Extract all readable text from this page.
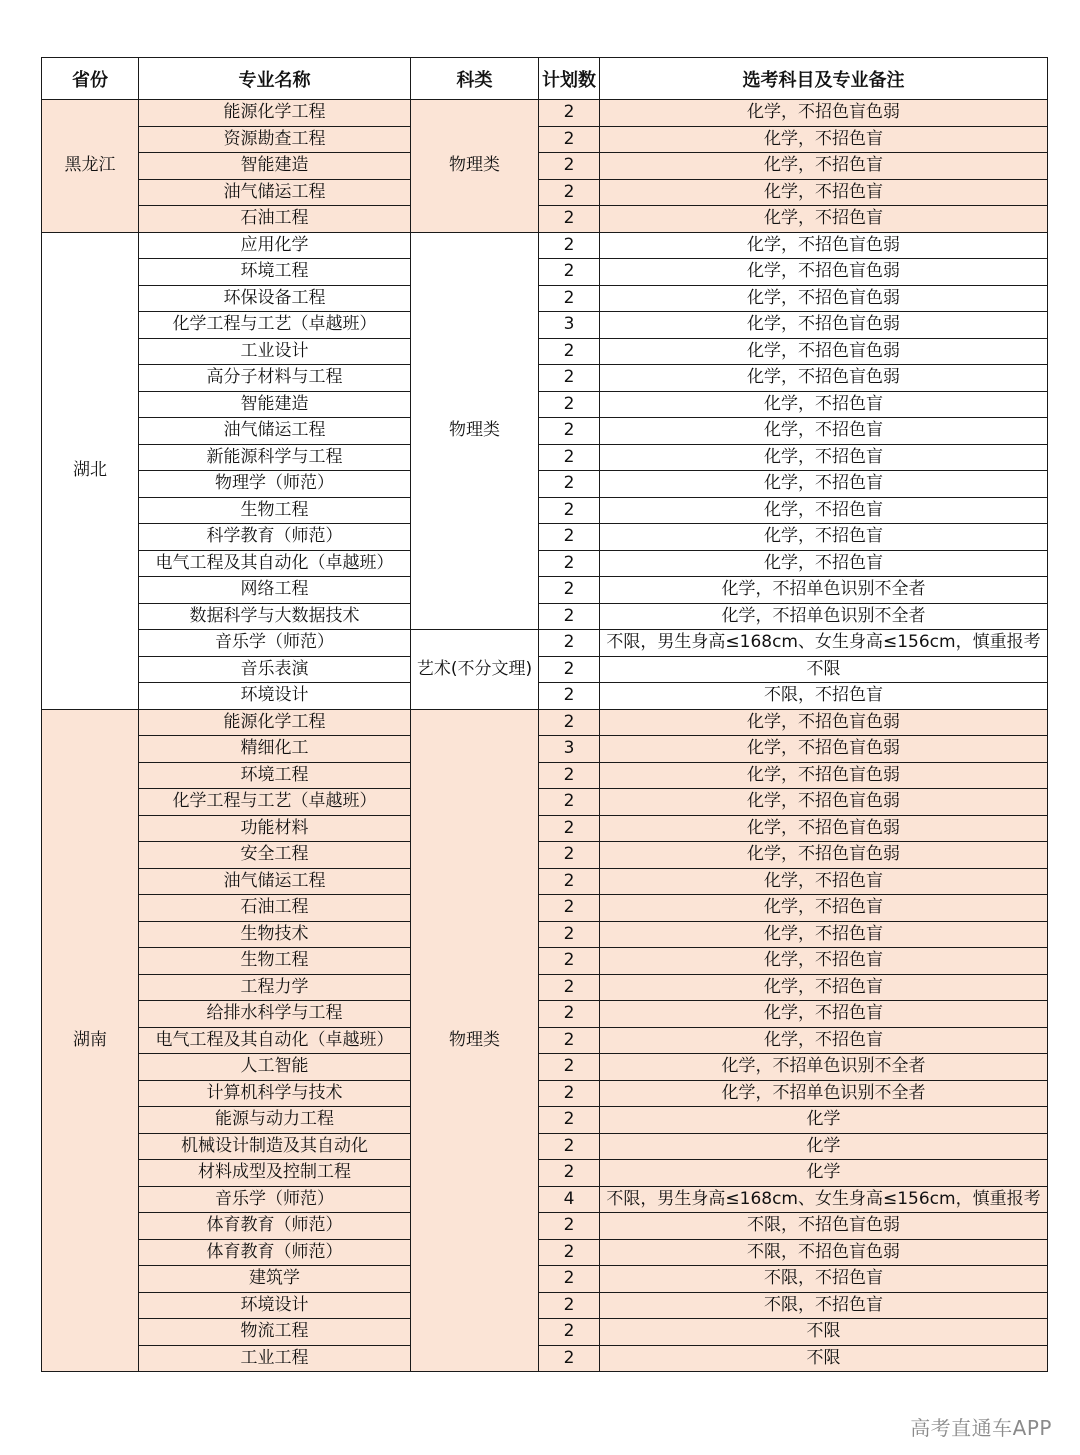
省份	专业名称	科类	计划数	选考科目及专业备注
黑龙江	能源化学工程	物理类	2	化学，不招色盲色弱
	资源勘查工程		2	化学，不招色盲
	智能建造		2	化学，不招色盲
	油气储运工程		2	化学，不招色盲
	石油工程		2	化学，不招色盲
湖北	应用化学	物理类	2	化学，不招色盲色弱
	环境工程		2	化学，不招色盲色弱
	环保设备工程		2	化学，不招色盲色弱
	化学工程与工艺（卓越班）		3	化学，不招色盲色弱
	工业设计		2	化学，不招色盲色弱
	高分子材料与工程		2	化学，不招色盲色弱
	智能建造		2	化学，不招色盲
	油气储运工程		2	化学，不招色盲
	新能源科学与工程		2	化学，不招色盲
	物理学（师范）		2	化学，不招色盲
	生物工程		2	化学，不招色盲
	科学教育（师范）		2	化学，不招色盲
	电气工程及其自动化（卓越班）		2	化学，不招色盲
	网络工程		2	化学，不招单色识别不全者
	数据科学与大数据技术		2	化学，不招单色识别不全者
	音乐学（师范）	艺术(不分文理)	2	不限，男生身高≤168cm、女生身高≤156cm，慎重报考
	音乐表演		2	不限
	环境设计		2	不限，不招色盲
湖南	能源化学工程	物理类	2	化学，不招色盲色弱
	精细化工		3	化学，不招色盲色弱
	环境工程		2	化学，不招色盲色弱
	化学工程与工艺（卓越班）		2	化学，不招色盲色弱
	功能材料		2	化学，不招色盲色弱
	安全工程		2	化学，不招色盲色弱
	油气储运工程		2	化学，不招色盲
	石油工程		2	化学，不招色盲
	生物技术		2	化学，不招色盲
	生物工程		2	化学，不招色盲
	工程力学		2	化学，不招色盲
	给排水科学与工程		2	化学，不招色盲
	电气工程及其自动化（卓越班）		2	化学，不招色盲
	人工智能		2	化学，不招单色识别不全者
	计算机科学与技术		2	化学，不招单色识别不全者
	能源与动力工程		2	化学
	机械设计制造及其自动化		2	化学
	材料成型及控制工程		2	化学
	音乐学（师范）		4	不限，男生身高≤168cm、女生身高≤156cm，慎重报考
	体育教育（师范）		2	不限，不招色盲色弱
	体育教育（师范）		2	不限，不招色盲色弱
	建筑学		2	不限，不招色盲
	环境设计		2	不限，不招色盲
	物流工程		2	不限
	工业工程		2	不限
高考直通车APP
